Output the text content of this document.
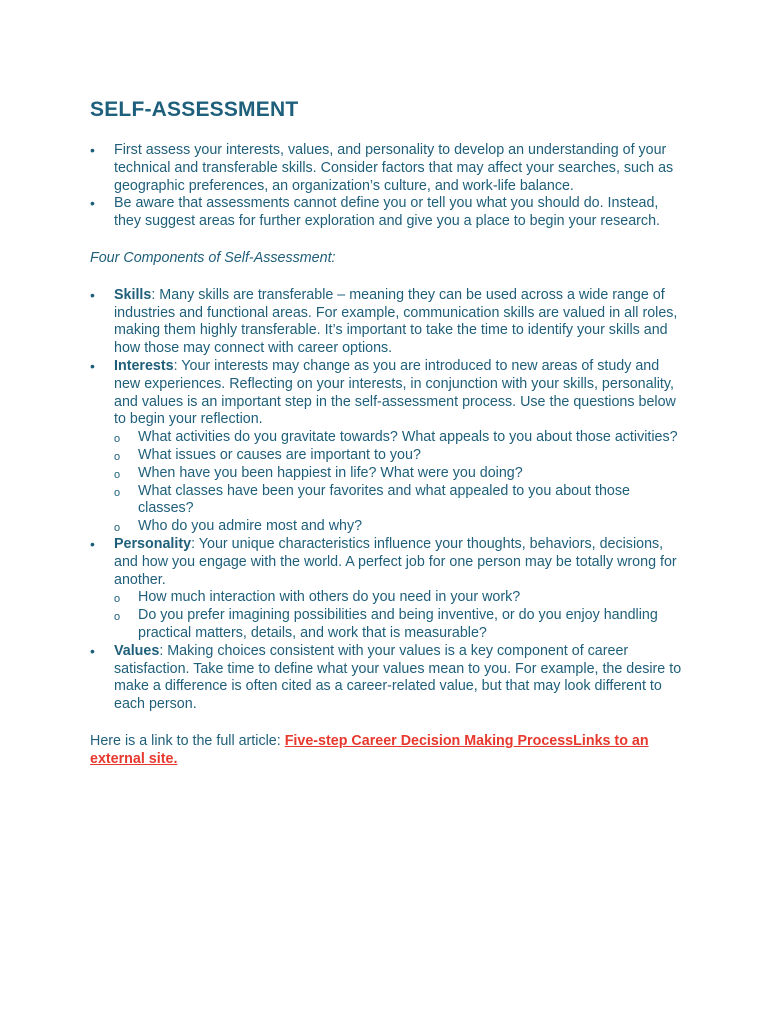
SELF-ASSESSMENT
•	First assess your interests, values, and personality to develop an understanding of your technical and transferable skills. Consider factors that may affect your searches, such as geographic preferences, an organization’s culture, and work-life balance.
•	Be aware that assessments cannot define you or tell you what you should do. Instead, they suggest areas for further exploration and give you a place to begin your research.

Four Components of Self-Assessment:

•	Skills: Many skills are transferable – meaning they can be used across a wide range of industries and functional areas. For example, communication skills are valued in all roles, making them highly transferable. It’s important to take the time to identify your skills and how those may connect with career options.
•	Interests: Your interests may change as you are introduced to new areas of study and new experiences. Reflecting on your interests, in conjunction with your skills, personality, and values is an important step in the self-assessment process. Use the questions below to begin your reflection.
o What activities do you gravitate towards? What appeals to you about those activities?
o What issues or causes are important to you?
o When have you been happiest in life? What were you doing?
o What classes have been your favorites and what appealed to you about those classes?
o Who do you admire most and why?
•	Personality: Your unique characteristics influence your thoughts, behaviors, decisions, and how you engage with the world. A perfect job for one person may be totally wrong for another.
o How much interaction with others do you need in your work?
o Do you prefer imagining possibilities and being inventive, or do you enjoy handling practical matters, details, and work that is measurable?
•	Values: Making choices consistent with your values is a key component of career satisfaction. Take time to define what your values mean to you. For example, the desire to make a difference is often cited as a career-related value, but that may look different to each person.

Here is a link to the full article: Five-step Career Decision Making ProcessLinks to an external site.
